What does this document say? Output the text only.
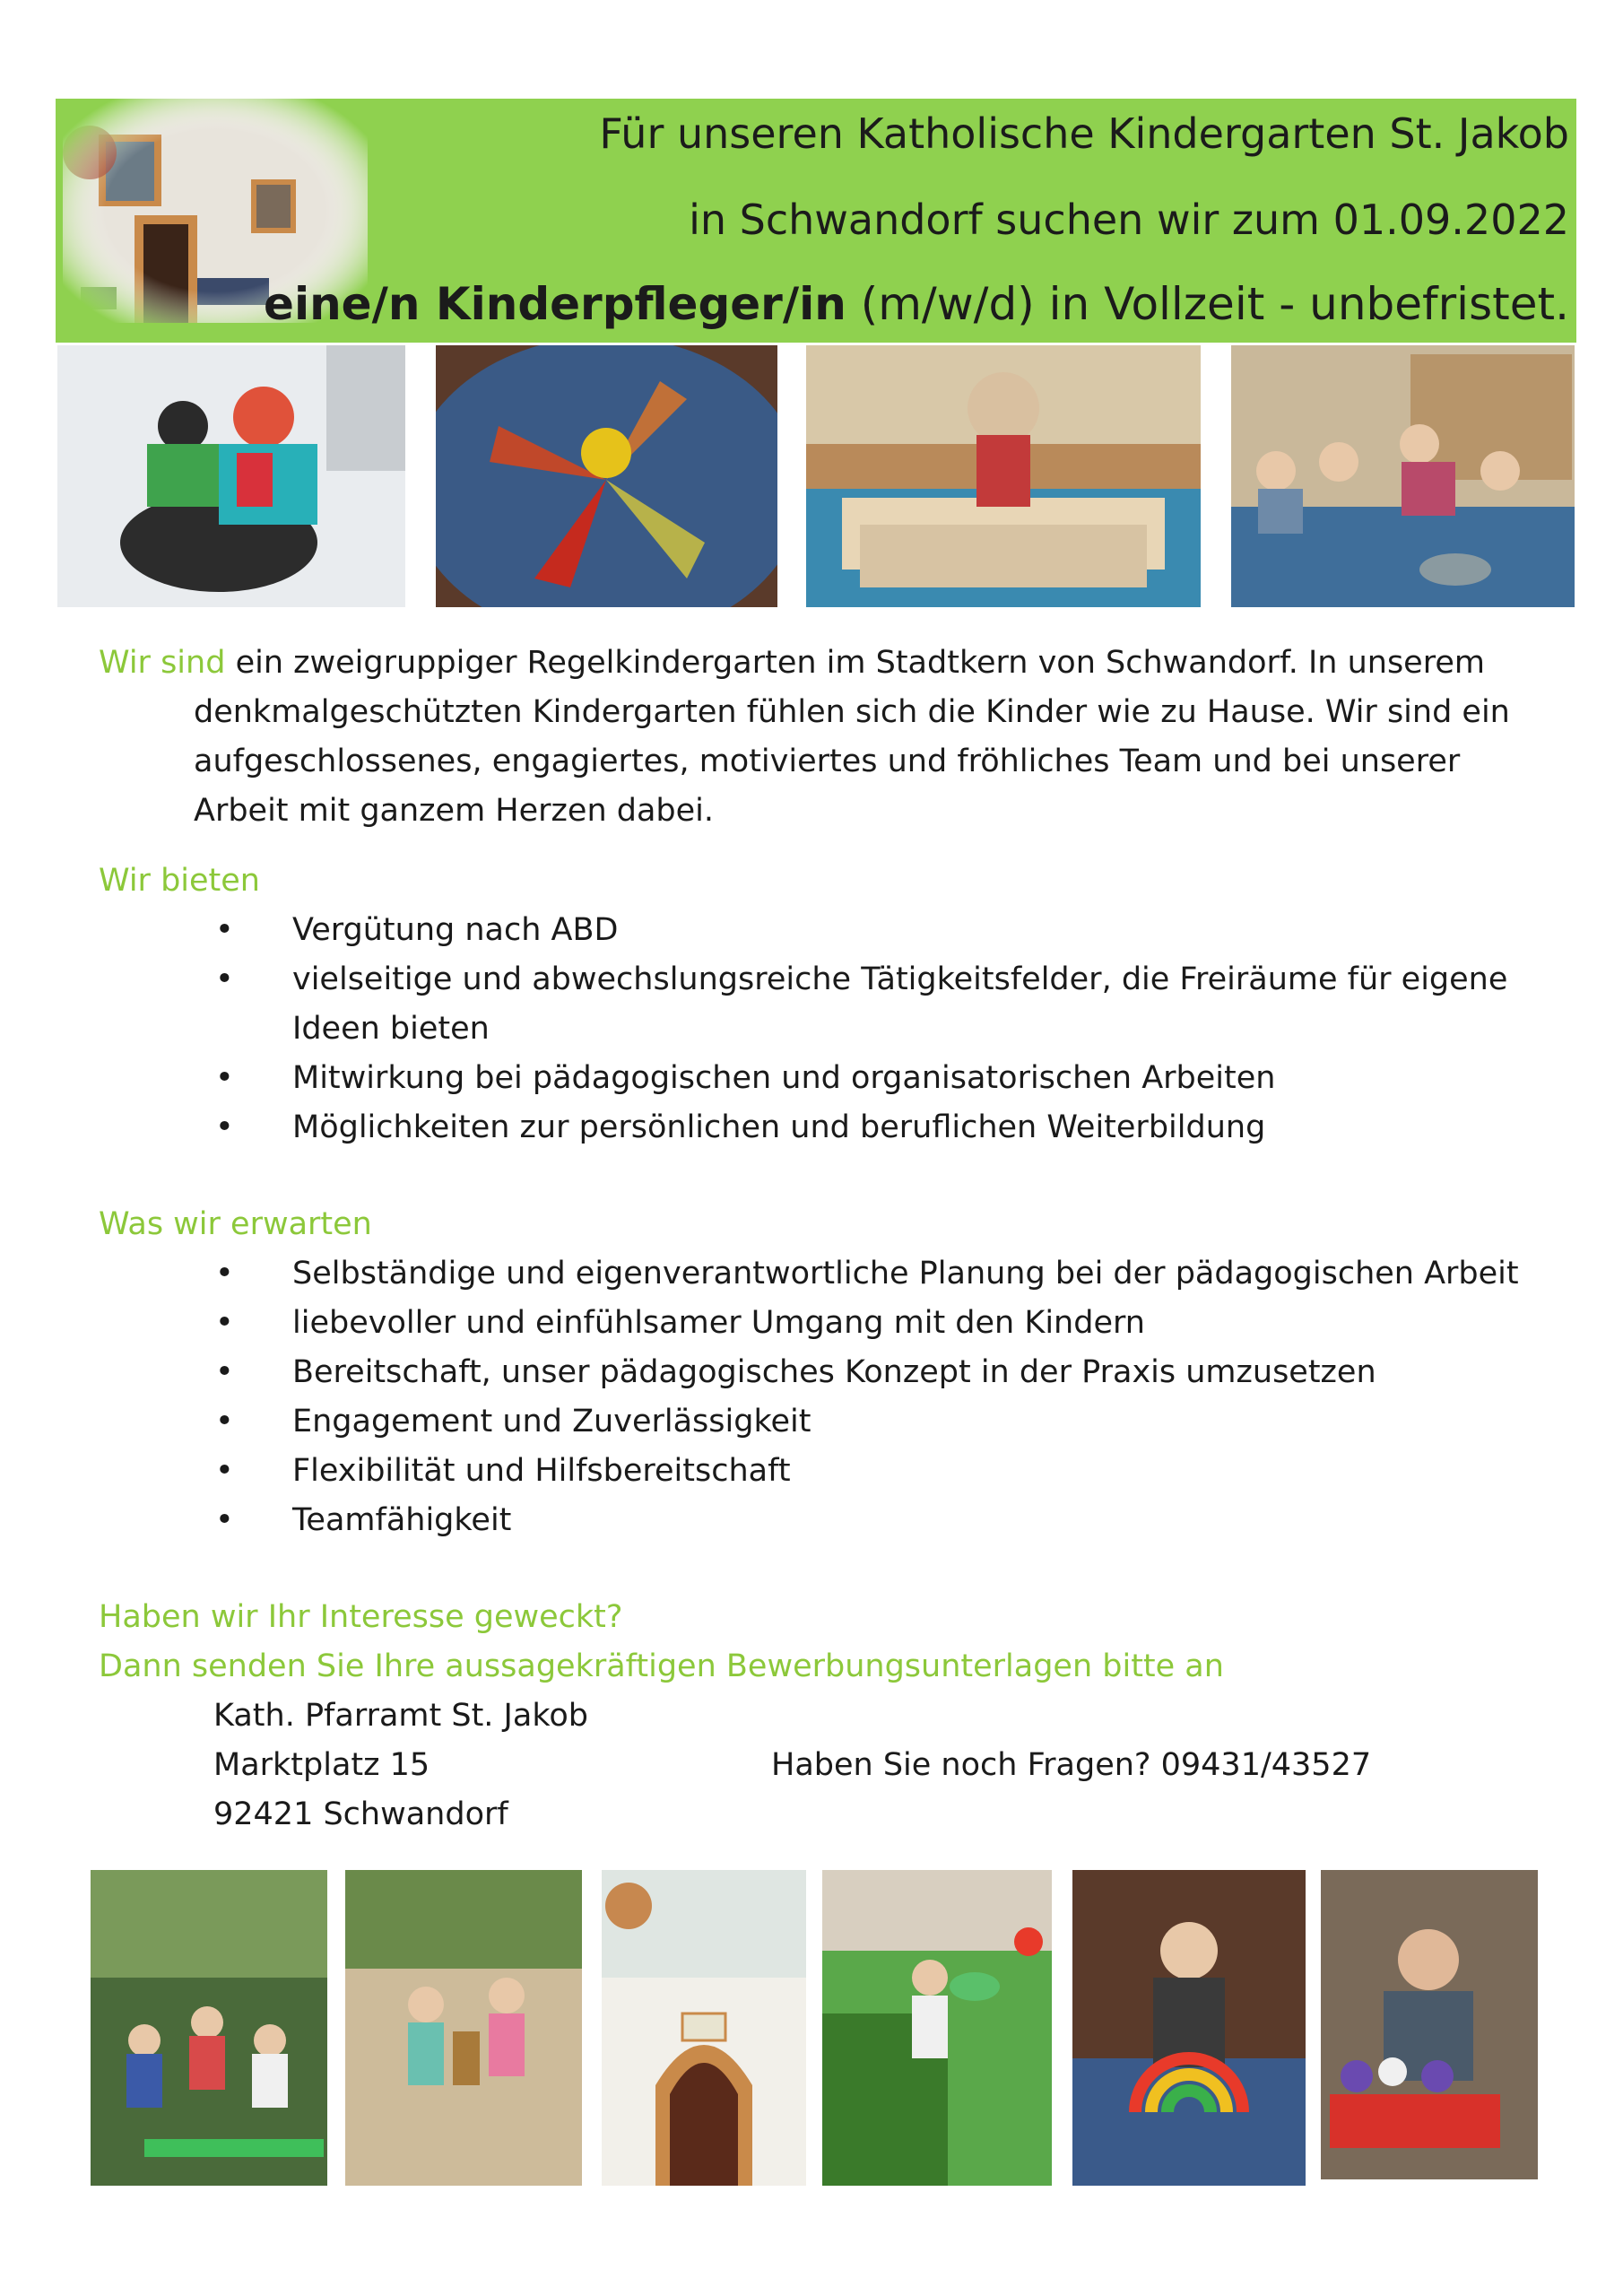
Für unseren Katholische Kindergarten St. Jakob
in Schwandorf suchen wir zum 01.09.2022
eine/n Kinderpfleger/in (m/w/d) in Vollzeit - unbefristet.
Wir sind ein zweigruppiger Regelkindergarten im Stadtkern von Schwandorf. In unserem
denkmalgeschützten Kindergarten fühlen sich die Kinder wie zu Hause. Wir sind ein
aufgeschlossenes, engagiertes, motiviertes und fröhliches Team und bei unserer
Arbeit mit ganzem Herzen dabei.
Wir bieten
• Vergütung nach ABD
• vielseitige und abwechslungsreiche Tätigkeitsfelder, die Freiräume für eigene
Ideen bieten
• Mitwirkung bei pädagogischen und organisatorischen Arbeiten
• Möglichkeiten zur persönlichen und beruflichen Weiterbildung
Was wir erwarten
• Selbständige und eigenverantwortliche Planung bei der pädagogischen Arbeit
• liebevoller und einfühlsamer Umgang mit den Kindern
• Bereitschaft, unser pädagogisches Konzept in der Praxis umzusetzen
• Engagement und Zuverlässigkeit
• Flexibilität und Hilfsbereitschaft
• Teamfähigkeit
Haben wir Ihr Interesse geweckt?
Dann senden Sie Ihre aussagekräftigen Bewerbungsunterlagen bitte an
Kath. Pfarramt St. Jakob
Marktplatz 15	Haben Sie noch Fragen? 09431/43527
92421 Schwandorf
